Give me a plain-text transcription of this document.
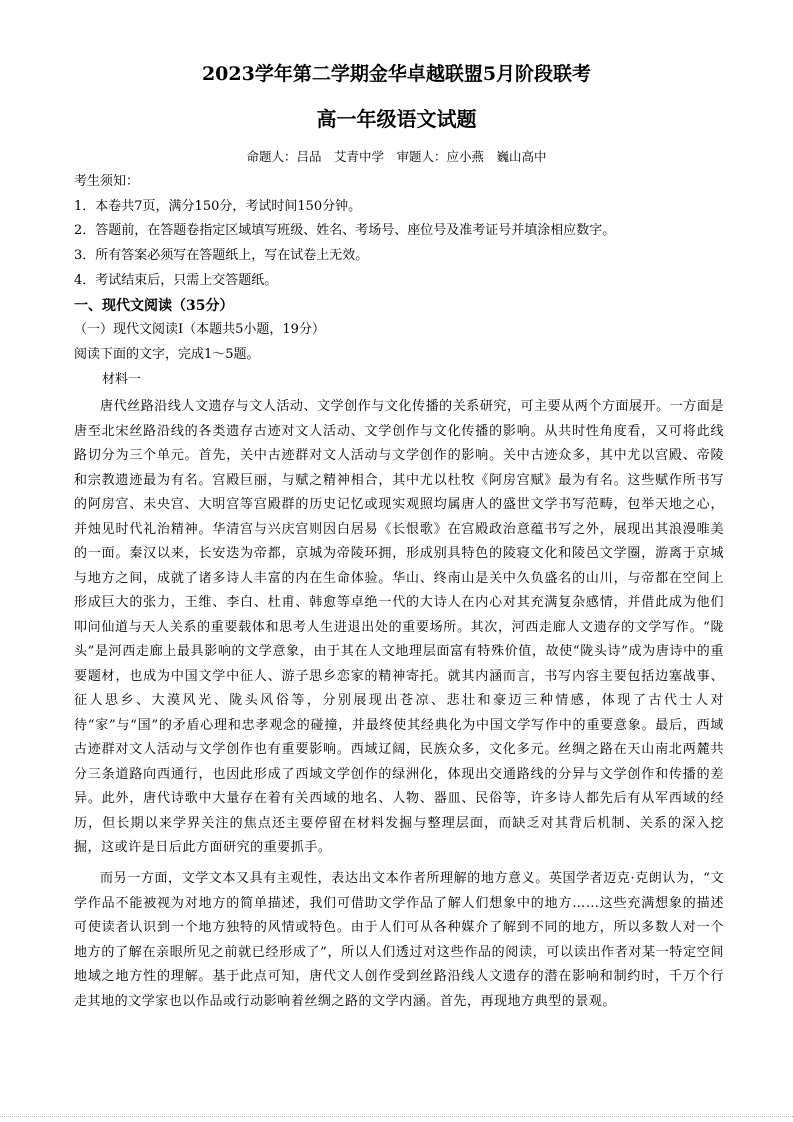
2023学年第二学期金华卓越联盟5月阶段联考
高一年级语文试题
命题人：吕品　艾青中学　审题人：应小燕　巍山高中
考生须知：
1．本卷共7页，满分150分，考试时间150分钟。
2．答题前，在答题卷指定区域填写班级、姓名、考场号、座位号及准考证号并填涂相应数字。
3．所有答案必须写在答题纸上，写在试卷上无效。
4．考试结束后，只需上交答题纸。
一、现代文阅读（35分）
（一）现代文阅读Ⅰ（本题共5小题，19分）
阅读下面的文字，完成1～5题。
材料一

唐代丝路沿线人文遗存与文人活动、文学创作与文化传播的关系研究，可主要从两个方面展开。一方面是唐至北宋丝路沿线的各类遗存古迹对文人活动、文学创作与文化传播的影响。从共时性角度看，又可将此线路切分为三个单元。首先，关中古迹群对文人活动与文学创作的影响。关中古迹众多，其中尤以宫殿、帝陵和宗教遗迹最为有名。宫殿巨丽，与赋之精神相合，其中尤以杜牧《阿房宫赋》最为有名。这些赋作所书写的阿房宫、未央宫、大明宫等宫殿群的历史记忆或现实观照均属唐人的盛世文学书写范畴，包举天地之心，并烛见时代礼治精神。华清宫与兴庆宫则因白居易《长恨歌》在宫殿政治意蕴书写之外，展现出其浪漫唯美的一面。秦汉以来，长安迭为帝都，京城为帝陵环拥，形成别具特色的陵寝文化和陵邑文学圈，游离于京城与地方之间，成就了诸多诗人丰富的内在生命体验。华山、终南山是关中久负盛名的山川，与帝都在空间上形成巨大的张力，王维、李白、杜甫、韩愈等卓绝一代的大诗人在内心对其充满复杂感情，并借此成为他们叩问仙道与天人关系的重要载体和思考人生进退出处的重要场所。其次，河西走廊人文遗存的文学写作。“陇头”是河西走廊上最具影响的文学意象，由于其在人文地理层面富有特殊价值，故使“陇头诗”成为唐诗中的重要题材，也成为中国文学中征人、游子思乡恋家的精神寄托。就其内涵而言，书写内容主要包括边塞战事、征人思乡、大漠风光、陇头风俗等，分别展现出苍凉、悲壮和豪迈三种情感，体现了古代士人对待“家”与“国”的矛盾心理和忠孝观念的碰撞，并最终使其经典化为中国文学写作中的重要意象。最后，西域古迹群对文人活动与文学创作也有重要影响。西域辽阔，民族众多，文化多元。丝绸之路在天山南北两麓共分三条道路向西通行，也因此形成了西域文学创作的绿洲化，体现出交通路线的分异与文学创作和传播的差异。此外，唐代诗歌中大量存在着有关西域的地名、人物、器皿、民俗等，许多诗人都先后有从军西域的经历，但长期以来学界关注的焦点还主要停留在材料发掘与整理层面，而缺乏对其背后机制、关系的深入挖掘，这或许是日后此方面研究的重要抓手。

而另一方面，文学文本又具有主观性，表达出文本作者所理解的地方意义。英国学者迈克·克朗认为，“文学作品不能被视为对地方的简单描述，我们可借助文学作品了解人们想象中的地方……这些充满想象的描述可使读者认识到一个地方独特的风情或特色。由于人们可从各种媒介了解到不同的地方，所以多数人对一个地方的了解在亲眼所见之前就已经形成了”，所以人们透过对这些作品的阅读，可以读出作者对某一特定空间地域之地方性的理解。基于此点可知，唐代文人创作受到丝路沿线人文遗存的潜在影响和制约时，千万个行走其地的文学家也以作品或行动影响着丝绸之路的文学内涵。首先，再现地方典型的景观。
